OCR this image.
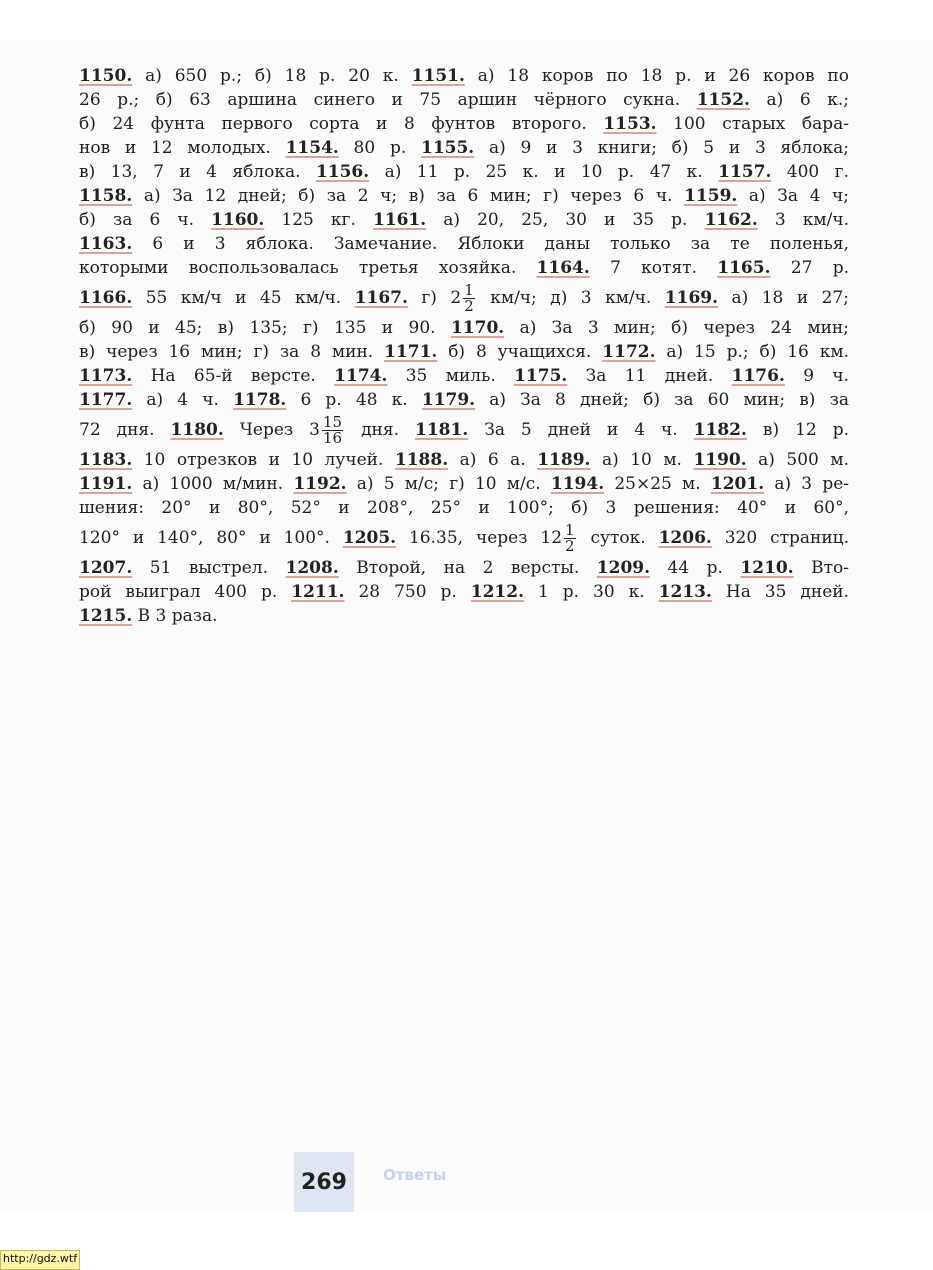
1150. а) 650 р.; б) 18 р. 20 к. 1151. а) 18 коров по 18 р. и 26 коров по
26 р.; б) 63 аршина синего и 75 аршин чёрного сукна. 1152. а) 6 к.;
б) 24 фунта первого сорта и 8 фунтов второго. 1153. 100 старых бара-
нов и 12 молодых. 1154. 80 р. 1155. а) 9 и 3 книги; б) 5 и 3 яблока;
в) 13, 7 и 4 яблока. 1156. а) 11 р. 25 к. и 10 р. 47 к. 1157. 400 г.
1158. а) За 12 дней; б) за 2 ч; в) за 6 мин; г) через 6 ч. 1159. а) За 4 ч;
б) за 6 ч. 1160. 125 кг. 1161. а) 20, 25, 30 и 35 р. 1162. 3 км/ч.
1163. 6 и 3 яблока. Замечание. Яблоки даны только за те поленья,
которыми воспользовалась третья хозяйка. 1164. 7 котят. 1165. 27 р.
1166. 55 км/ч и 45 км/ч. 1167. г) $2 \frac{1}{2} км/ч$; д) 3 км/ч. 1169. а) 18 и 27;
б) 90 и 45; в) 135; г) 135 и 90. 1170. а) За 3 мин; б) через 24 мин;
в) через 16 мин; г) за 8 мин. 1171. б) 8 учащихся. 1172. а) 15 р.; б) 16 км.
1173. На 65-й версте. 1174. 35 миль. 1175. За 11 дней. 1176. 9 ч.
1177. а) 4 ч. 1178. 6 р. 48 к. 1179. а) За 8 дней; б) за 60 мин; в) за
72 дня. 1180. Через $3 \frac{15}{16}$ дня. 1181. За 5 дней и 4 ч. 1182. в) 12 р.
1183. 10 отрезков и 10 лучей. 1188. а) 6 а. 1189. а) 10 м. 1190. а) 500 м.
1191. а) 1000 м/мин. 1192. а) 5 м/с; г) 10 м/с. 1194. 25×25 м. 1201. а) 3 ре-
шения: 20° и 80°, 52° и 208°, 25° и 100°; б) 3 решения: 40° и 60°,
120° и 140°, 80° и 100°. 1205. 16.35, через $12 \frac{1}{2}$ суток. 1206. 320 страниц.
1207. 51 выстрел. 1208. Второй, на 2 версты. 1209. 44 р. 1210. Вто-
рой выиграл 400 р. 1211. 28 750 р. 1212. 1 р. 30 к. 1213. На 35 дней.
1215. В 3 раза.
269	Ответы
http://gdz.wtf
